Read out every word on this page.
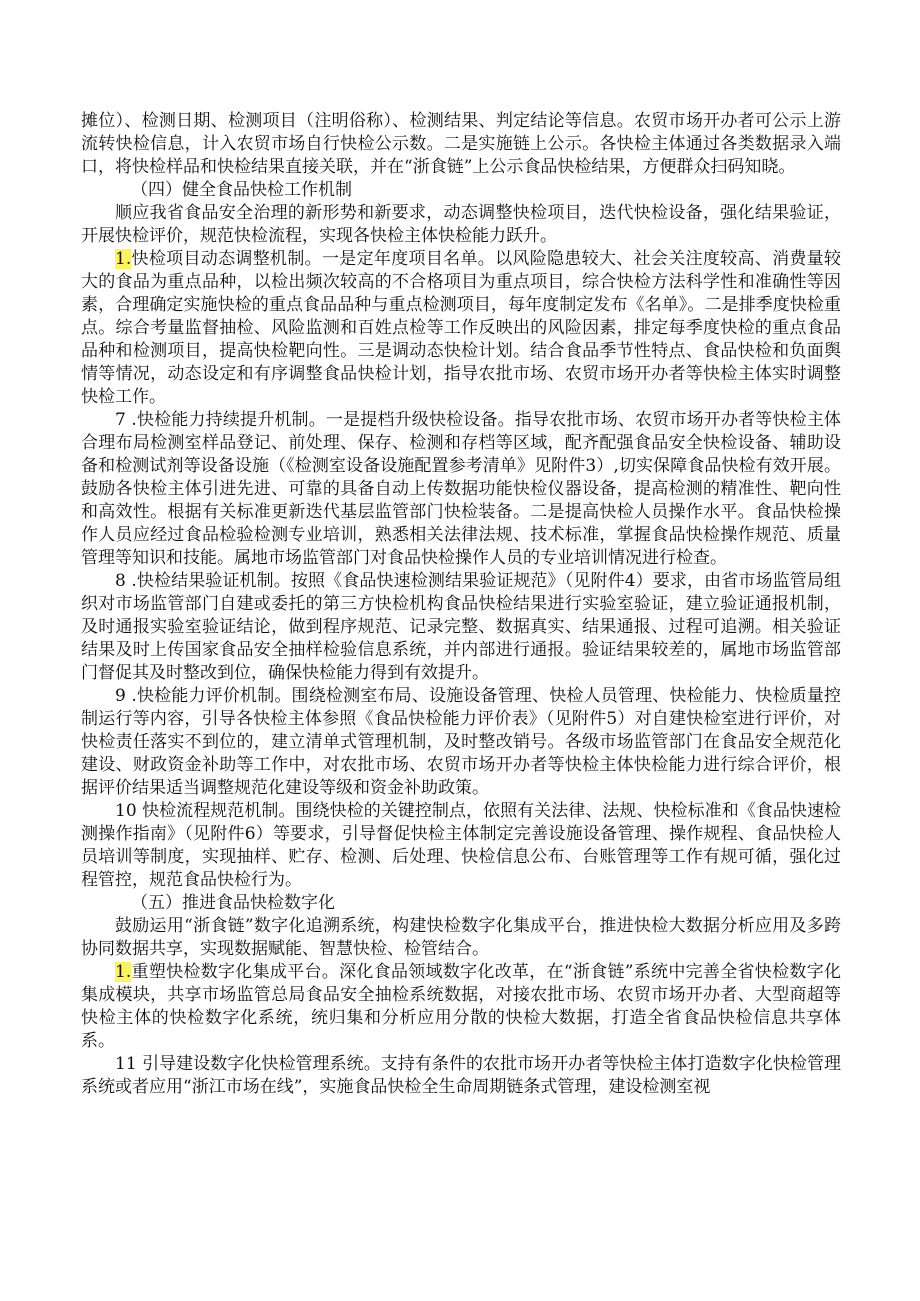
摊位）、检测日期、检测项目（注明俗称）、检测结果、判定结论等信息。农贸市场开办者可公示上游流转快检信息，计入农贸市场自行快检公示数。二是实施链上公示。各快检主体通过各类数据录入端口，将快检样品和快检结果直接关联，并在“浙食链”上公示食品快检结果，方便群众扫码知晓。

（四）健全食品快检工作机制

顺应我省食品安全治理的新形势和新要求，动态调整快检项目，迭代快检设备，强化结果验证，开展快检评价，规范快检流程，实现各快检主体快检能力跃升。

1.快检项目动态调整机制。一是定年度项目名单。以风险隐患较大、社会关注度较高、消费量较大的食品为重点品种，以检出频次较高的不合格项目为重点项目，综合快检方法科学性和准确性等因素，合理确定实施快检的重点食品品种与重点检测项目，每年度制定发布《名单》。二是排季度快检重点。综合考量监督抽检、风险监测和百姓点检等工作反映出的风险因素，排定每季度快检的重点食品品种和检测项目，提高快检靶向性。三是调动态快检计划。结合食品季节性特点、食品快检和负面舆情等情况，动态设定和有序调整食品快检计划，指导农批市场、农贸市场开办者等快检主体实时调整快检工作。

7 .快检能力持续提升机制。一是提档升级快检设备。指导农批市场、农贸市场开办者等快检主体合理布局检测室样品登记、前处理、保存、检测和存档等区域，配齐配强食品安全快检设备、辅助设备和检测试剂等设备设施（《检测室设备设施配置参考清单》见附件3）,切实保障食品快检有效开展。鼓励各快检主体引进先进、可靠的具备自动上传数据功能快检仪器设备，提高检测的精准性、靶向性和高效性。根据有关标准更新迭代基层监管部门快检装备。二是提高快检人员操作水平。食品快检操作人员应经过食品检验检测专业培训，熟悉相关法律法规、技术标准，掌握食品快检操作规范、质量管理等知识和技能。属地市场监管部门对食品快检操作人员的专业培训情况进行检查。

8 .快检结果验证机制。按照《食品快速检测结果验证规范》（见附件4）要求，由省市场监管局组织对市场监管部门自建或委托的第三方快检机构食品快检结果进行实验室验证，建立验证通报机制，及时通报实验室验证结论，做到程序规范、记录完整、数据真实、结果通报、过程可追溯。相关验证结果及时上传国家食品安全抽样检验信息系统，并内部进行通报。验证结果较差的，属地市场监管部门督促其及时整改到位，确保快检能力得到有效提升。

9 .快检能力评价机制。围绕检测室布局、设施设备管理、快检人员管理、快检能力、快检质量控制运行等内容，引导各快检主体参照《食品快检能力评价表》（见附件5）对自建快检室进行评价，对快检责任落实不到位的，建立清单式管理机制，及时整改销号。各级市场监管部门在食品安全规范化建设、财政资金补助等工作中，对农批市场、农贸市场开办者等快检主体快检能力进行综合评价，根据评价结果适当调整规范化建设等级和资金补助政策。

10 快检流程规范机制。围绕快检的关键控制点，依照有关法律、法规、快检标准和《食品快速检测操作指南》（见附件6）等要求，引导督促快检主体制定完善设施设备管理、操作规程、食品快检人员培训等制度，实现抽样、贮存、检测、后处理、快检信息公布、台账管理等工作有规可循，强化过程管控，规范食品快检行为。

（五）推进食品快检数字化

鼓励运用“浙食链”数字化追溯系统，构建快检数字化集成平台，推进快检大数据分析应用及多跨协同数据共享，实现数据赋能、智慧快检、检管结合。

1.重塑快检数字化集成平台。深化食品领域数字化改革，在“浙食链”系统中完善全省快检数字化集成模块，共享市场监管总局食品安全抽检系统数据，对接农批市场、农贸市场开办者、大型商超等快检主体的快检数字化系统，统归集和分析应用分散的快检大数据，打造全省食品快检信息共享体系。

11 引导建设数字化快检管理系统。支持有条件的农批市场开办者等快检主体打造数字化快检管理系统或者应用“浙江市场在线”，实施食品快检全生命周期链条式管理，建设检测室视
